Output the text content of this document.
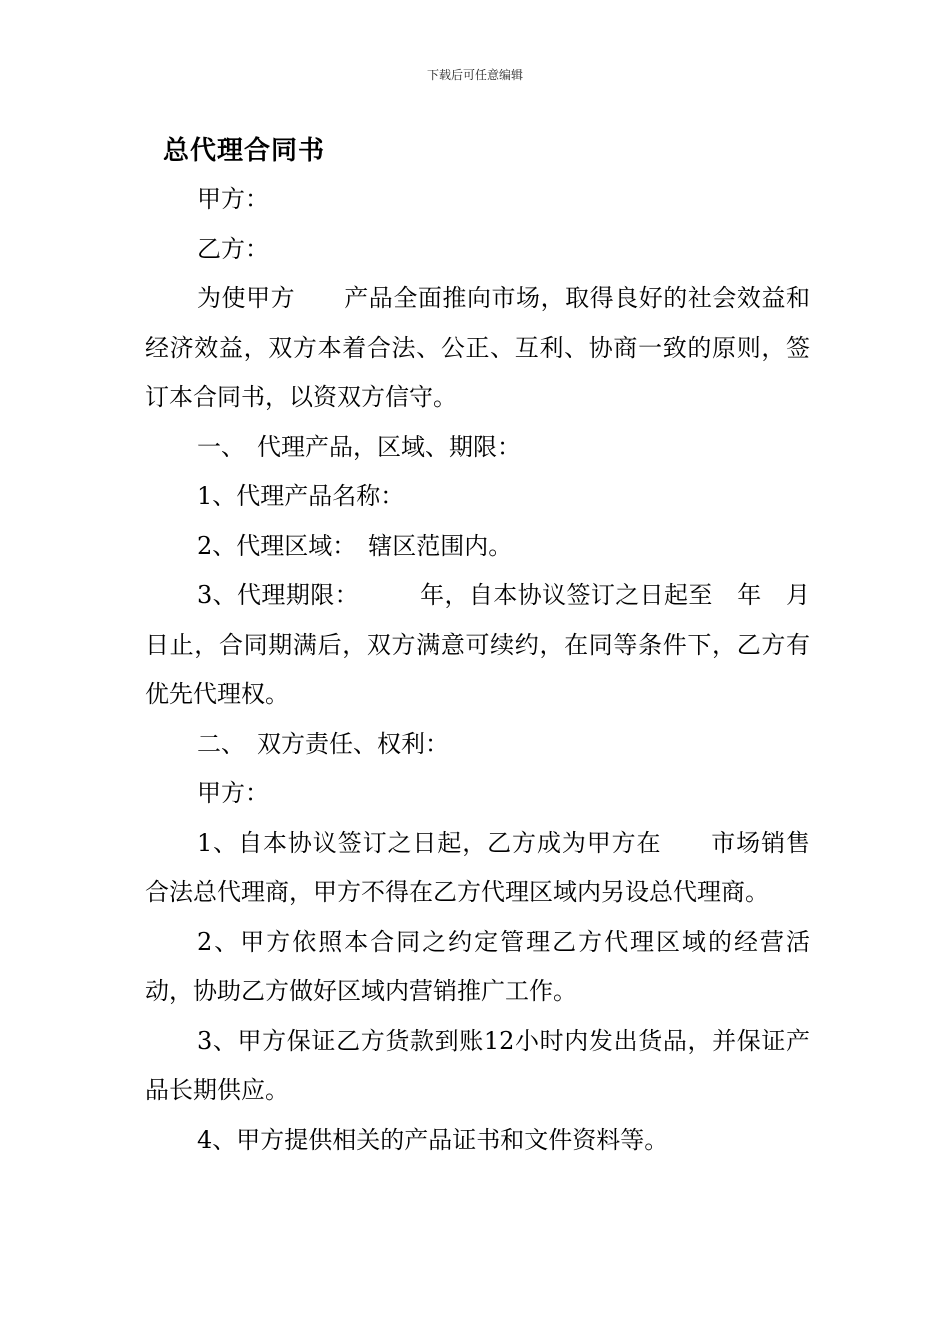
下载后可任意编辑
总代理合同书

甲方：

乙方：

为使甲方　　产品全面推向市场，取得良好的社会效益和经济效益，双方本着合法、公正、互利、协商一致的原则，签订本合同书，以资双方信守。

一、　代理产品，区域、期限：

1、代理产品名称：

2、代理区域：　辖区范围内。

3、代理期限：　　　年，自本协议签订之日起至　年　月日止，合同期满后，双方满意可续约，在同等条件下，乙方有优先代理权。

二、　双方责任、权利：

甲方：

1、自本协议签订之日起，乙方成为甲方在　　市场销售合法总代理商，甲方不得在乙方代理区域内另设总代理商。

2、甲方依照本合同之约定管理乙方代理区域的经营活动，协助乙方做好区域内营销推广工作。

3、甲方保证乙方货款到账12小时内发出货品，并保证产品长期供应。

4、甲方提供相关的产品证书和文件资料等。
